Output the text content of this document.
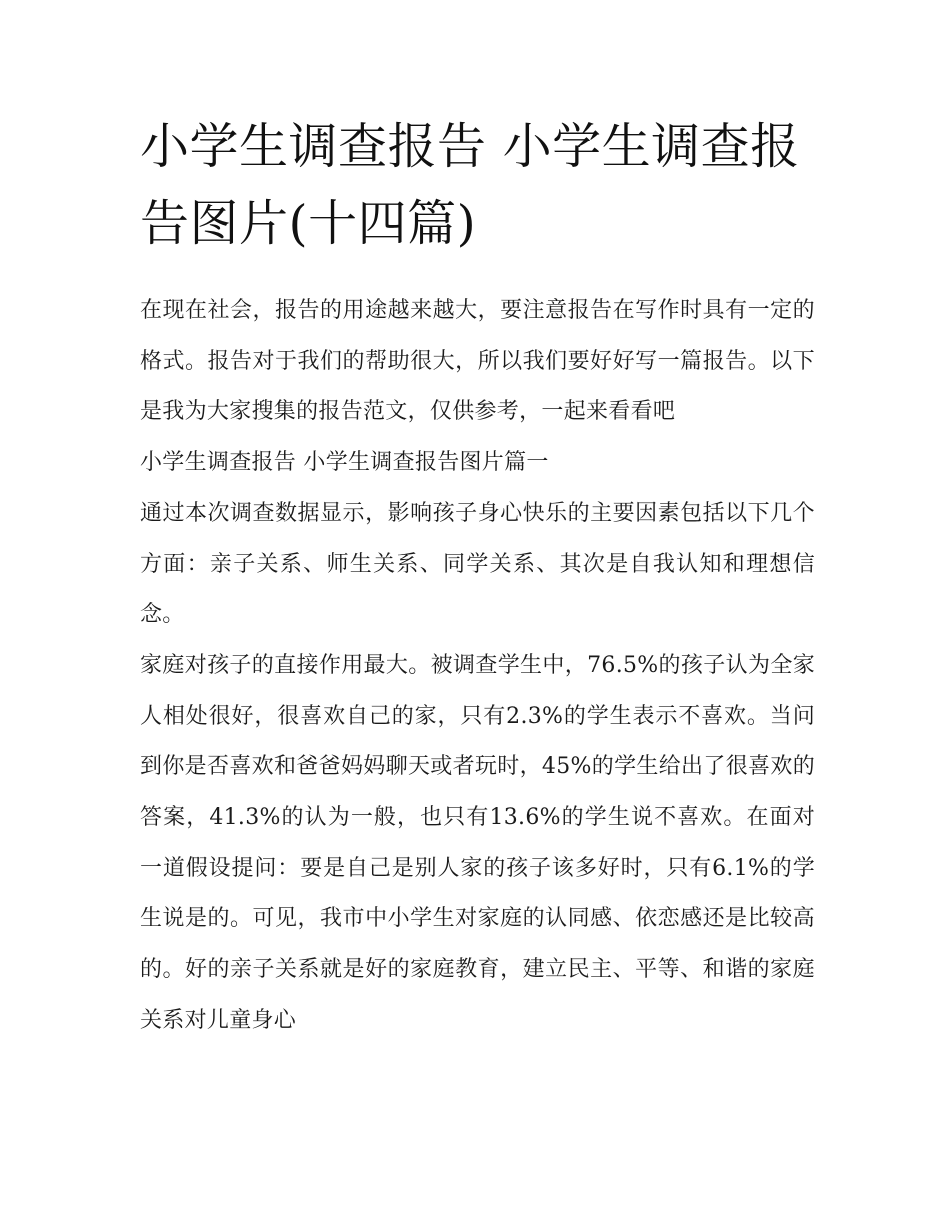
小学生调查报告 小学生调查报告图片(十四篇)

在现在社会，报告的用途越来越大，要注意报告在写作时具有一定的格式。报告对于我们的帮助很大，所以我们要好好写一篇报告。以下是我为大家搜集的报告范文，仅供参考，一起来看看吧

小学生调查报告 小学生调查报告图片篇一

通过本次调查数据显示，影响孩子身心快乐的主要因素包括以下几个方面：亲子关系、师生关系、同学关系、其次是自我认知和理想信念。

家庭对孩子的直接作用最大。被调查学生中，76.5%的孩子认为全家人相处很好，很喜欢自己的家，只有2.3%的学生表示不喜欢。当问到你是否喜欢和爸爸妈妈聊天或者玩时，45%的学生给出了很喜欢的答案，41.3%的认为一般，也只有13.6%的学生说不喜欢。在面对一道假设提问：要是自己是别人家的孩子该多好时，只有6.1%的学生说是的。可见，我市中小学生对家庭的认同感、依恋感还是比较高的。好的亲子关系就是好的家庭教育，建立民主、平等、和谐的家庭关系对儿童身心
